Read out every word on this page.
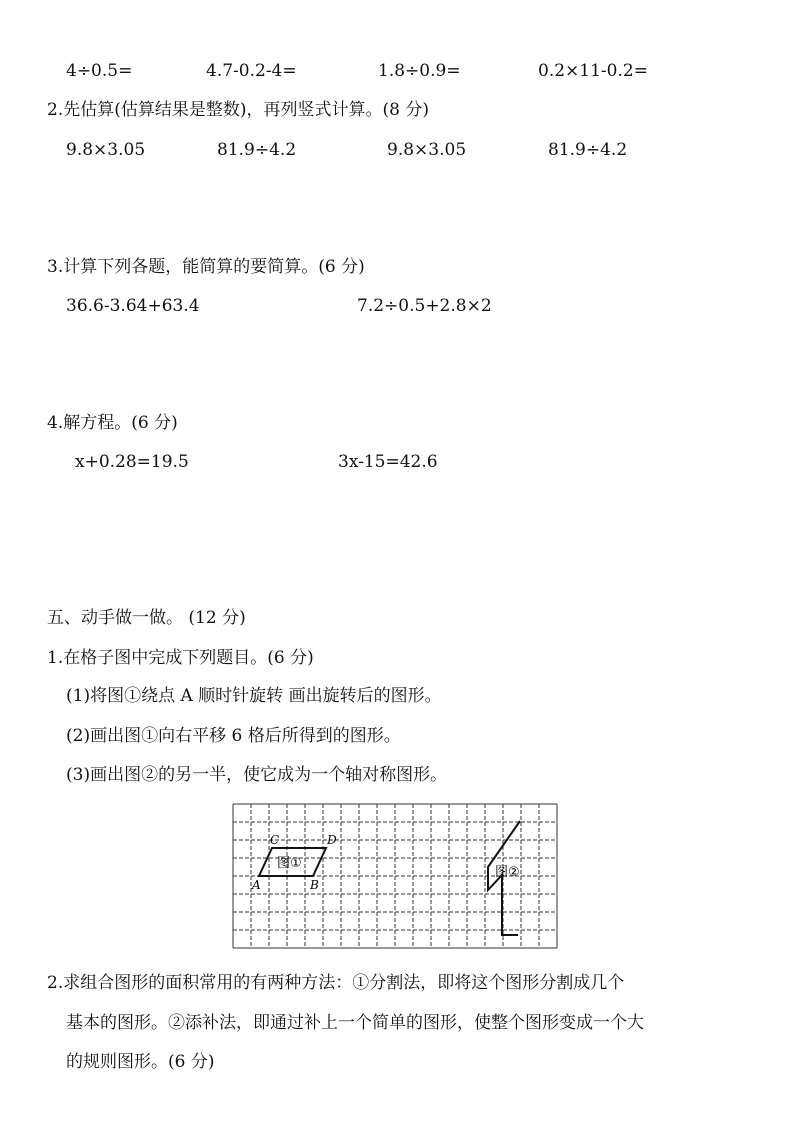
4÷0.5=	4.7-0.2-4=	1.8÷0.9=	0.2×11-0.2=
2.先估算(估算结果是整数)，再列竖式计算。(8 分)
9.8×3.05	81.9÷4.2	9.8×3.05	81.9÷4.2
3.计算下列各题，能简算的要简算。(6 分)
36.6-3.64+63.4	7.2÷0.5+2.8×2
4.解方程。(6 分)
x+0.28=19.5	3x-15=42.6
五、动手做一做。 (12 分)
1.在格子图中完成下列题目。(6 分)
(1)将图①绕点 A 顺时针旋转 画出旋转后的图形。
(2)画出图①向右平移 6 格后所得到的图形。
(3)画出图②的另一半，使它成为一个轴对称图形。
C	D
A	B
图①
图②
2.求组合图形的面积常用的有两种方法：①分割法，即将这个图形分割成几个
基本的图形。②添补法，即通过补上一个简单的图形，使整个图形变成一个大
的规则图形。(6 分)
